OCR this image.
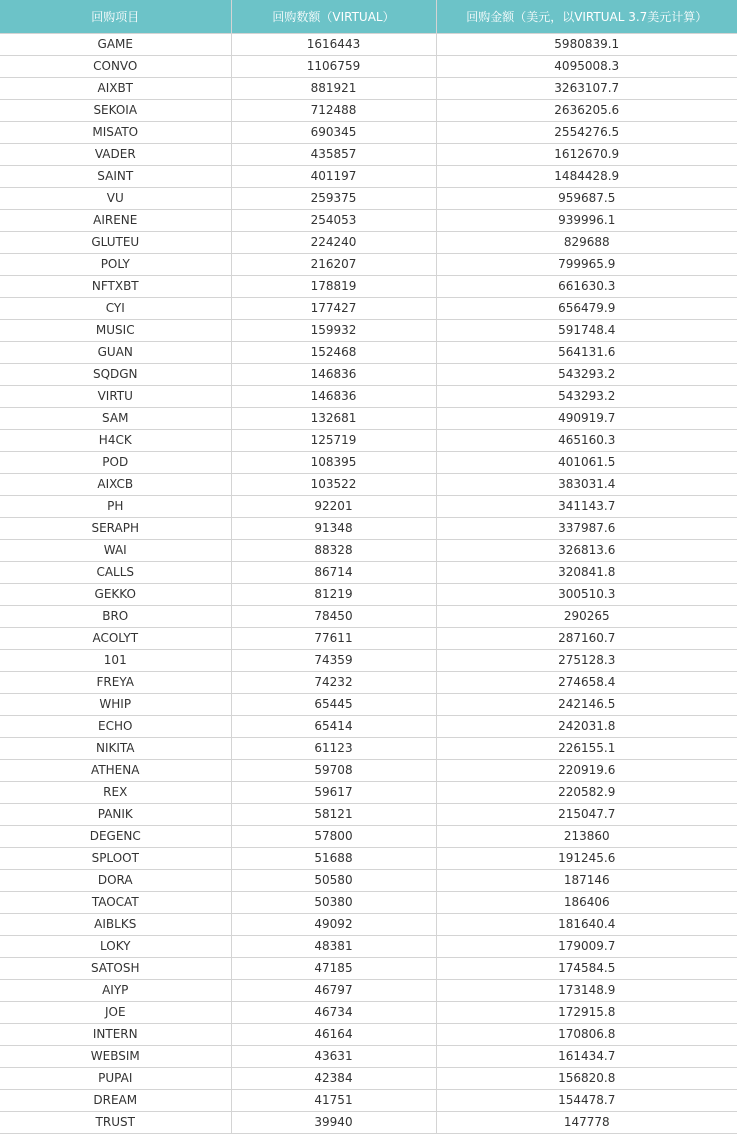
回购项目	回购数额（VIRTUAL）	回购金额（美元，以VIRTUAL 3.7美元计算）
GAME	1616443	5980839.1
CONVO	1106759	4095008.3
AIXBT	881921	3263107.7
SEKOIA	712488	2636205.6
MISATO	690345	2554276.5
VADER	435857	1612670.9
SAINT	401197	1484428.9
VU	259375	959687.5
AIRENE	254053	939996.1
GLUTEU	224240	829688
POLY	216207	799965.9
NFTXBT	178819	661630.3
CYI	177427	656479.9
MUSIC	159932	591748.4
GUAN	152468	564131.6
SQDGN	146836	543293.2
VIRTU	146836	543293.2
SAM	132681	490919.7
H4CK	125719	465160.3
POD	108395	401061.5
AIXCB	103522	383031.4
PH	92201	341143.7
SERAPH	91348	337987.6
WAI	88328	326813.6
CALLS	86714	320841.8
GEKKO	81219	300510.3
BRO	78450	290265
ACOLYT	77611	287160.7
101	74359	275128.3
FREYA	74232	274658.4
WHIP	65445	242146.5
ECHO	65414	242031.8
NIKITA	61123	226155.1
ATHENA	59708	220919.6
REX	59617	220582.9
PANIK	58121	215047.7
DEGENC	57800	213860
SPLOOT	51688	191245.6
DORA	50580	187146
TAOCAT	50380	186406
AIBLKS	49092	181640.4
LOKY	48381	179009.7
SATOSH	47185	174584.5
AIYP	46797	173148.9
JOE	46734	172915.8
INTERN	46164	170806.8
WEBSIM	43631	161434.7
PUPAI	42384	156820.8
DREAM	41751	154478.7
TRUST	39940	147778
